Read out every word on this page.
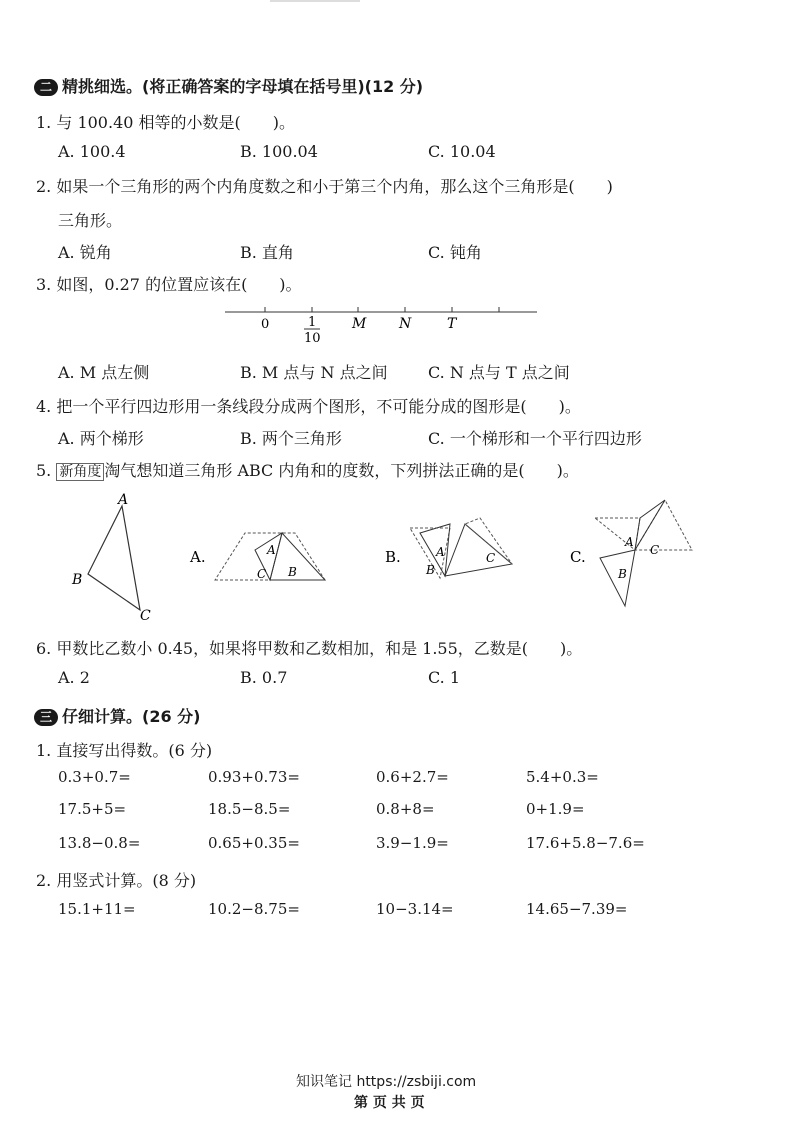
二 精挑细选。(将正确答案的字母填在括号里)(12 分)
1. 与 100.40 相等的小数是(　　)。
A. 100.4	B. 100.04	C. 10.04
2. 如果一个三角形的两个内角度数之和小于第三个内角，那么这个三角形是(　　)
三角形。
A. 锐角	B. 直角	C. 钝角
3. 如图，0.27 的位置应该在(　　)。
0	1
10
M N	T
A. M 点左侧	B. M 点与 N 点之间	C. N 点与 T 点之间
4. 把一个平行四边形用一条线段分成两个图形，不可能分成的图形是(　　)。
A. 两个梯形	B. 两个三角形	C. 一个梯形和一个平行四边形
5. 新角度 淘气想知道三角形 ABC 内角和的度数，下列拼法正确的是(　　)。
A
B
C
A.	A
C B
B.	A
B
C	C.
A
C
B
6. 甲数比乙数小 0.45，如果将甲数和乙数相加，和是 1.55，乙数是(　　)。
A. 2	B. 0.7	C. 1
三 仔细计算。(26 分)
1. 直接写出得数。(6 分)
0.3+0.7=	0.93+0.73=	0.6+2.7=	5.4+0.3=
17.5+5=	18.5−8.5=	0.8+8=	0+1.9=
13.8−0.8=	0.65+0.35=	3.9−1.9=	17.6+5.8−7.6=
2. 用竖式计算。(8 分)
15.1+11=	10.2−8.75=	10−3.14=	14.65−7.39=
知识笔记 https://zsbiji.com
第 页 共 页
